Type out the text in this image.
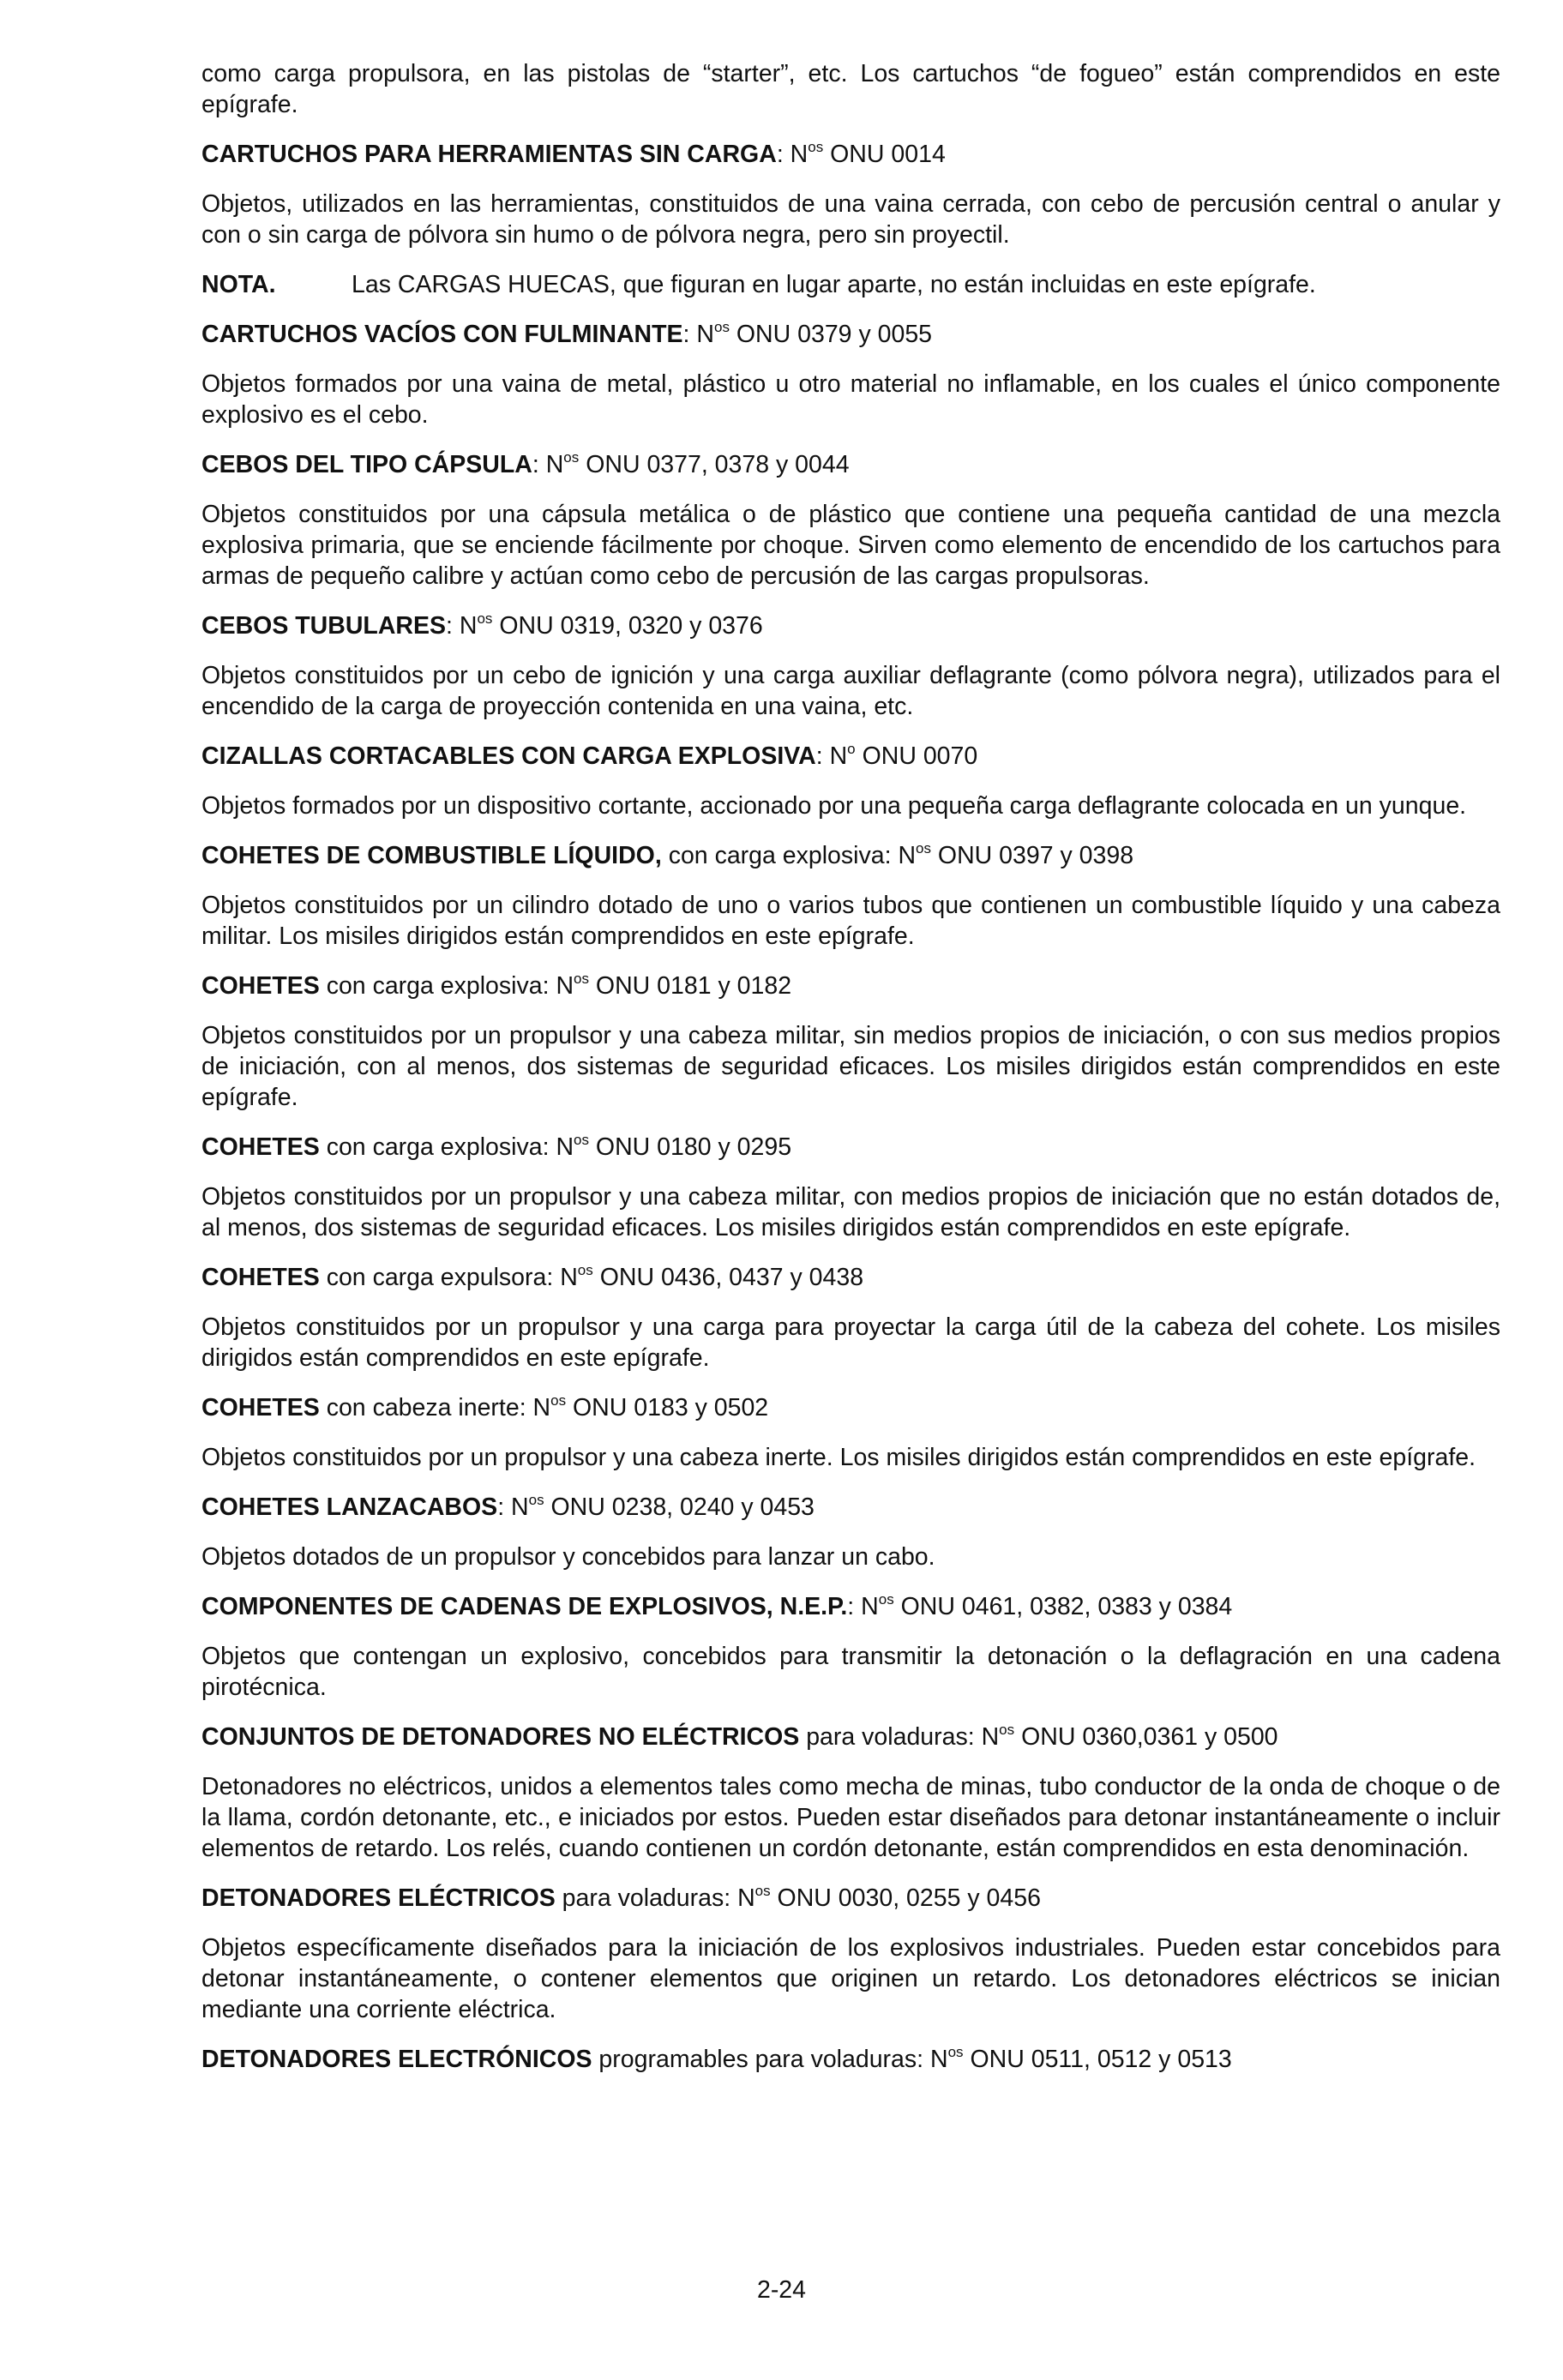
como carga propulsora, en las pistolas de “starter”, etc. Los cartuchos “de fogueo” están comprendidos en este epígrafe.

CARTUCHOS PARA HERRAMIENTAS SIN CARGA: $N^{os}$ ONU 0014

Objetos, utilizados en las herramientas, constituidos de una vaina cerrada, con cebo de percusión central o anular y con o sin carga de pólvora sin humo o de pólvora negra, pero sin proyectil.

NOTA.	Las CARGAS HUECAS, que figuran en lugar aparte, no están incluidas en este epígrafe.
CARTUCHOS VACÍOS CON FULMINANTE: $N^{os}$ ONU 0379 y 0055

Objetos formados por una vaina de metal, plástico u otro material no inflamable, en los cuales el único componente explosivo es el cebo.

CEBOS DEL TIPO CÁPSULA: $N^{os}$ ONU 0377, 0378 y 0044

Objetos constituidos por una cápsula metálica o de plástico que contiene una pequeña cantidad de una mezcla explosiva primaria, que se enciende fácilmente por choque. Sirven como elemento de encendido de los cartuchos para armas de pequeño calibre y actúan como cebo de percusión de las cargas propulsoras.

CEBOS TUBULARES: $N^{os}$ ONU 0319, 0320 y 0376

Objetos constituidos por un cebo de ignición y una carga auxiliar deflagrante (como pólvora negra), utilizados para el encendido de la carga de proyección contenida en una vaina, etc.

CIZALLAS CORTACABLES CON CARGA EXPLOSIVA: $N^o$ ONU 0070

Objetos formados por un dispositivo cortante, accionado por una pequeña carga deflagrante colocada en un yunque.

COHETES DE COMBUSTIBLE LÍQUIDO, con carga explosiva: $N^{os}$ ONU 0397 y 0398

Objetos constituidos por un cilindro dotado de uno o varios tubos que contienen un combustible líquido y una cabeza militar. Los misiles dirigidos están comprendidos en este epígrafe.

COHETES con carga explosiva: $N^{os}$ ONU 0181 y 0182

Objetos constituidos por un propulsor y una cabeza militar, sin medios propios de iniciación, o con sus medios propios de iniciación, con al menos, dos sistemas de seguridad eficaces. Los misiles dirigidos están comprendidos en este epígrafe.

COHETES con carga explosiva: $N^{os}$ ONU 0180 y 0295

Objetos constituidos por un propulsor y una cabeza militar, con medios propios de iniciación que no están dotados de, al menos, dos sistemas de seguridad eficaces. Los misiles dirigidos están comprendidos en este epígrafe.

COHETES con carga expulsora: $N^{os}$ ONU 0436, 0437 y 0438

Objetos constituidos por un propulsor y una carga para proyectar la carga útil de la cabeza del cohete. Los misiles dirigidos están comprendidos en este epígrafe.

COHETES con cabeza inerte: $N^{os}$ ONU 0183 y 0502

Objetos constituidos por un propulsor y una cabeza inerte. Los misiles dirigidos están comprendidos en este epígrafe.

COHETES LANZACABOS: $N^{os}$ ONU 0238, 0240 y 0453

Objetos dotados de un propulsor y concebidos para lanzar un cabo.

COMPONENTES DE CADENAS DE EXPLOSIVOS, N.E.P.: $N^{os}$ ONU 0461, 0382, 0383 y 0384

Objetos que contengan un explosivo, concebidos para transmitir la detonación o la deflagración en una cadena pirotécnica.

CONJUNTOS DE DETONADORES NO ELÉCTRICOS para voladuras: $N^{os}$ ONU 0360,0361 y 0500

Detonadores no eléctricos, unidos a elementos tales como mecha de minas, tubo conductor de la onda de choque o de la llama, cordón detonante, etc., e iniciados por estos. Pueden estar diseñados para detonar instantáneamente o incluir elementos de retardo. Los relés, cuando contienen un cordón detonante, están comprendidos en esta denominación.

DETONADORES ELÉCTRICOS para voladuras: $N^{os}$ ONU 0030, 0255 y 0456

Objetos específicamente diseñados para la iniciación de los explosivos industriales. Pueden estar concebidos para detonar instantáneamente, o contener elementos que originen un retardo. Los detonadores eléctricos se inician mediante una corriente eléctrica.

DETONADORES ELECTRÓNICOS programables para voladuras: $N^{os}$ ONU 0511, 0512 y 0513
2-24
